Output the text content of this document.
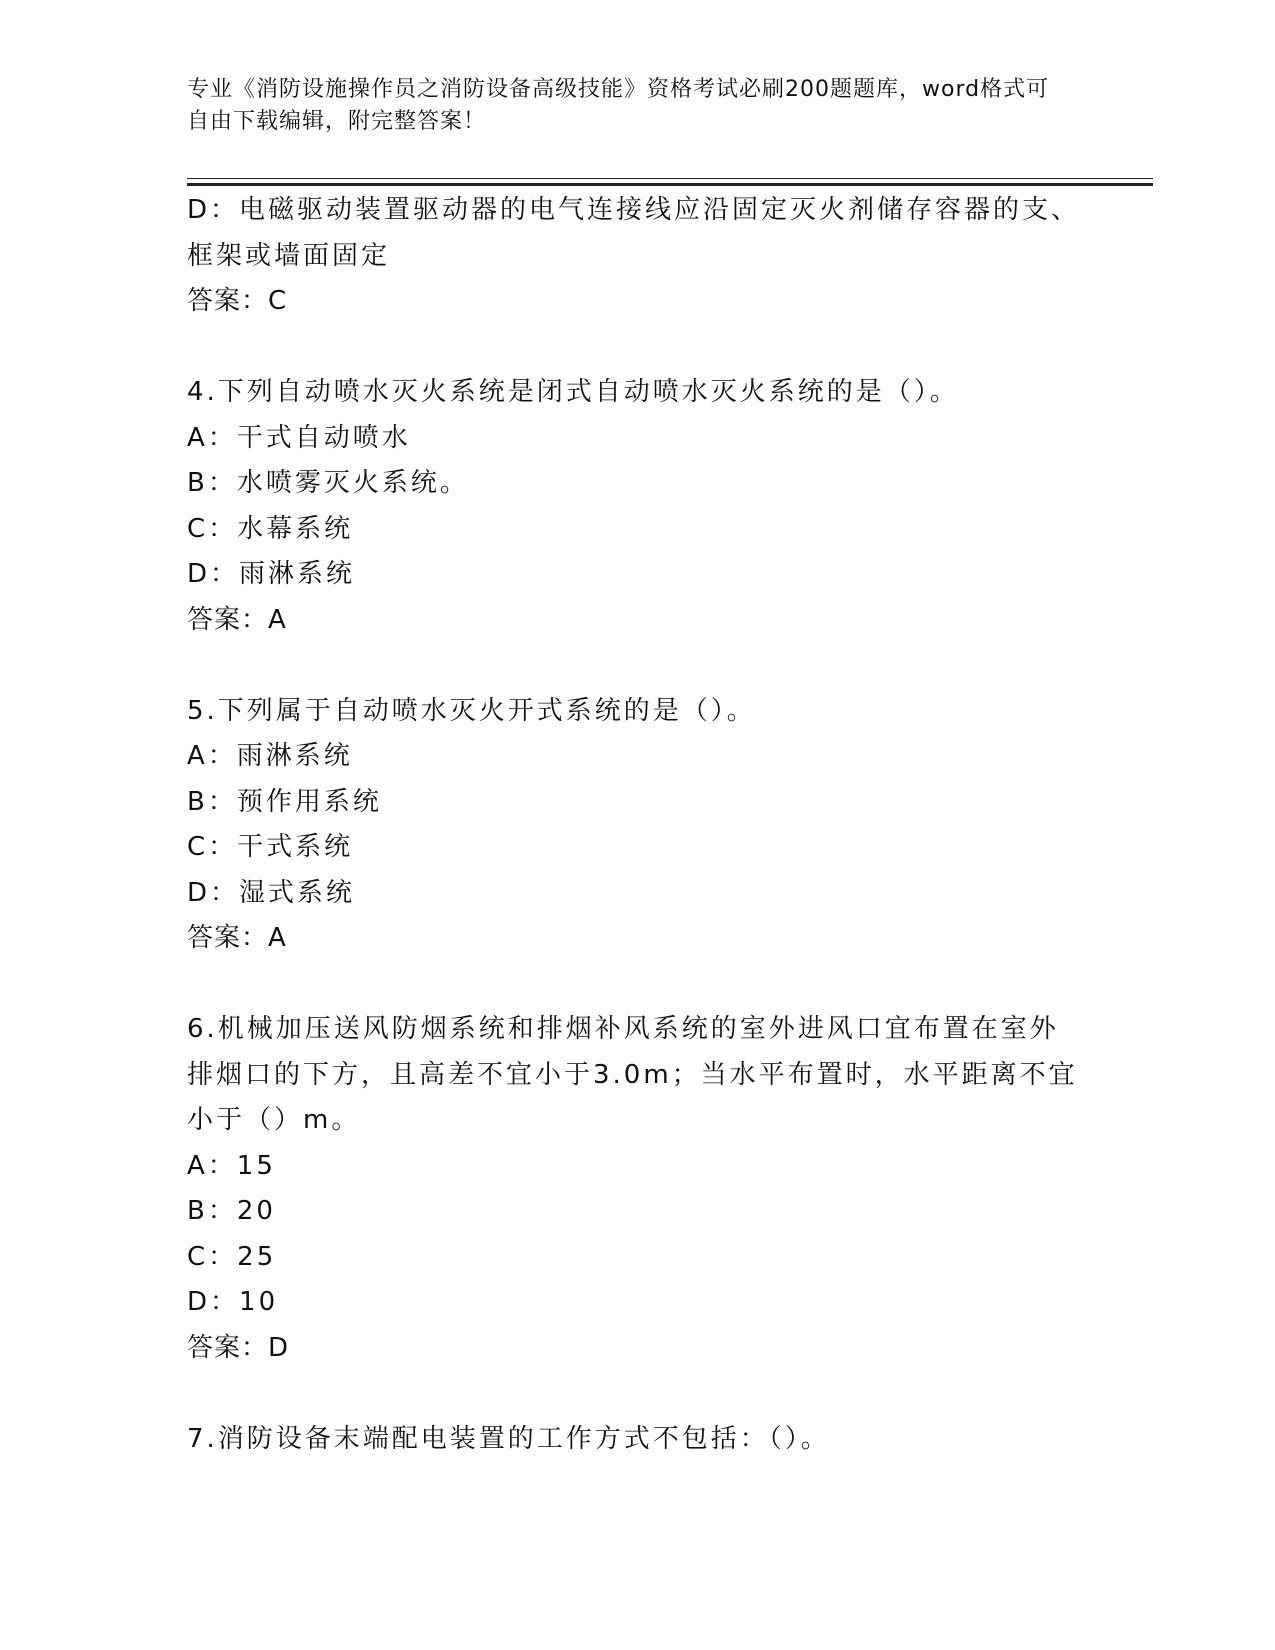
专业《消防设施操作员之消防设备高级技能》资格考试必刷200题题库，word格式可自由下载编辑，附完整答案！
D：电磁驱动装置驱动器的电气连接线应沿固定灭火剂储存容器的支、
框架或墙面固定
答案：C
4.下列自动喷水灭火系统是闭式自动喷水灭火系统的是（）。
A：干式自动喷水
B：水喷雾灭火系统。
C：水幕系统
D：雨淋系统
答案：A
5.下列属于自动喷水灭火开式系统的是（）。
A：雨淋系统
B：预作用系统
C：干式系统
D：湿式系统
答案：A
6.机械加压送风防烟系统和排烟补风系统的室外进风口宜布置在室外
排烟口的下方，且高差不宜小于3.0m；当水平布置时，水平距离不宜
小于（）m。
A：15
B：20
C：25
D：10
答案：D
7.消防设备末端配电装置的工作方式不包括：（）。
